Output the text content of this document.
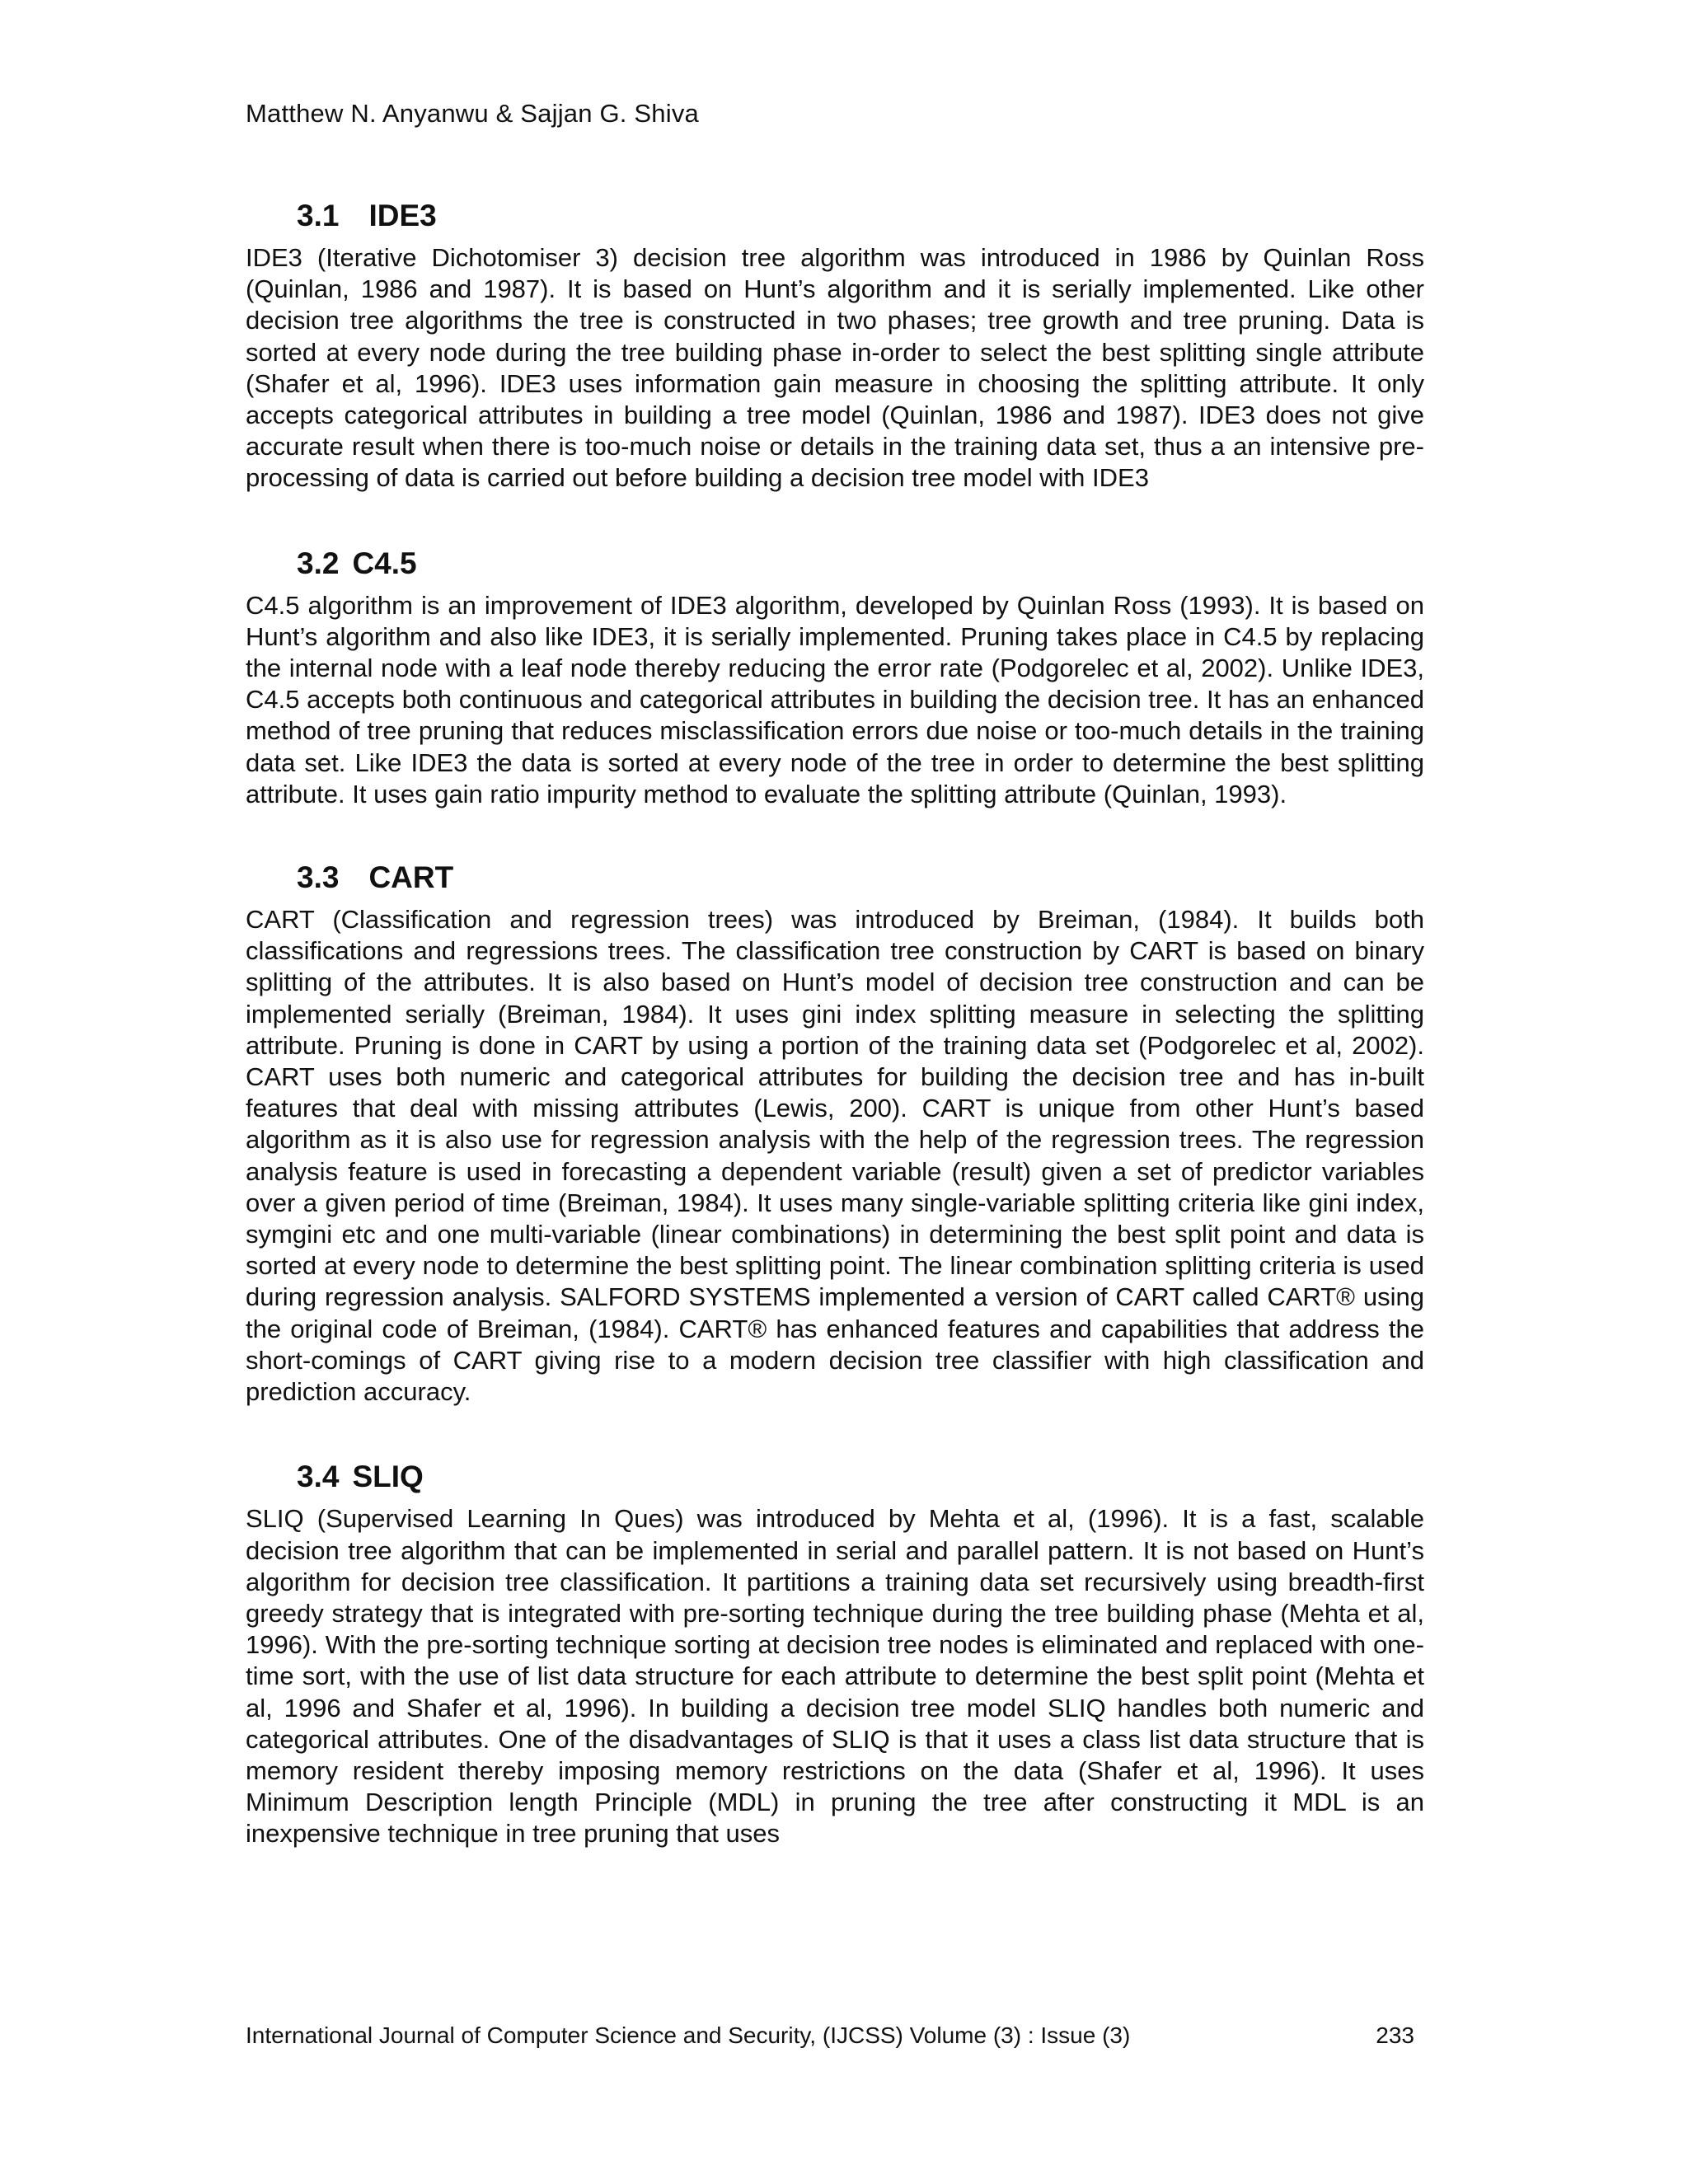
Matthew N. Anyanwu & Sajjan G. Shiva
3.1 IDE3

IDE3 (Iterative Dichotomiser 3) decision tree algorithm was introduced in 1986 by Quinlan Ross (Quinlan, 1986 and 1987). It is based on Hunt’s algorithm and it is serially implemented. Like other decision tree algorithms the tree is constructed in two phases; tree growth and tree pruning. Data is sorted at every node during the tree building phase in-order to select the best splitting single attribute (Shafer et al, 1996). IDE3 uses information gain measure in choosing the splitting attribute. It only accepts categorical attributes in building a tree model (Quinlan, 1986 and 1987). IDE3 does not give accurate result when there is too-much noise or details in the training data set, thus a an intensive pre-processing of data is carried out before building a decision tree model with IDE3

3.2 C4.5

C4.5 algorithm is an improvement of IDE3 algorithm, developed by Quinlan Ross (1993). It is based on Hunt’s algorithm and also like IDE3, it is serially implemented. Pruning takes place in C4.5 by replacing the internal node with a leaf node thereby reducing the error rate (Podgorelec et al, 2002). Unlike IDE3, C4.5 accepts both continuous and categorical attributes in building the decision tree. It has an enhanced method of tree pruning that reduces misclassification errors due noise or too-much details in the training data set. Like IDE3 the data is sorted at every node of the tree in order to determine the best splitting attribute. It uses gain ratio impurity method to evaluate the splitting attribute (Quinlan, 1993).

3.3 CART

CART (Classification and regression trees) was introduced by Breiman, (1984). It builds both classifications and regressions trees. The classification tree construction by CART is based on binary splitting of the attributes. It is also based on Hunt’s model of decision tree construction and can be implemented serially (Breiman, 1984). It uses gini index splitting measure in selecting the splitting attribute. Pruning is done in CART by using a portion of the training data set (Podgorelec et al, 2002). CART uses both numeric and categorical attributes for building the decision tree and has in-built features that deal with missing attributes (Lewis, 200). CART is unique from other Hunt’s based algorithm as it is also use for regression analysis with the help of the regression trees. The regression analysis feature is used in forecasting a dependent variable (result) given a set of predictor variables over a given period of time (Breiman, 1984). It uses many single-variable splitting criteria like gini index, symgini etc and one multi-variable (linear combinations) in determining the best split point and data is sorted at every node to determine the best splitting point. The linear combination splitting criteria is used during regression analysis. SALFORD SYSTEMS implemented a version of CART called CART® using the original code of Breiman, (1984). CART® has enhanced features and capabilities that address the short-comings of CART giving rise to a modern decision tree classifier with high classification and prediction accuracy.

3.4 SLIQ

SLIQ (Supervised Learning In Ques) was introduced by Mehta et al, (1996). It is a fast, scalable decision tree algorithm that can be implemented in serial and parallel pattern. It is not based on Hunt’s algorithm for decision tree classification. It partitions a training data set recursively using breadth-first greedy strategy that is integrated with pre-sorting technique during the tree building phase (Mehta et al, 1996). With the pre-sorting technique sorting at decision tree nodes is eliminated and replaced with one-time sort, with the use of list data structure for each attribute to determine the best split point (Mehta et al, 1996 and Shafer et al, 1996). In building a decision tree model SLIQ handles both numeric and categorical attributes. One of the disadvantages of SLIQ is that it uses a class list data structure that is memory resident thereby imposing memory restrictions on the data (Shafer et al, 1996). It uses Minimum Description length Principle (MDL) in pruning the tree after constructing it MDL is an inexpensive technique in tree pruning that uses

International Journal of Computer Science and Security, (IJCSS) Volume (3) : Issue (3)	233
